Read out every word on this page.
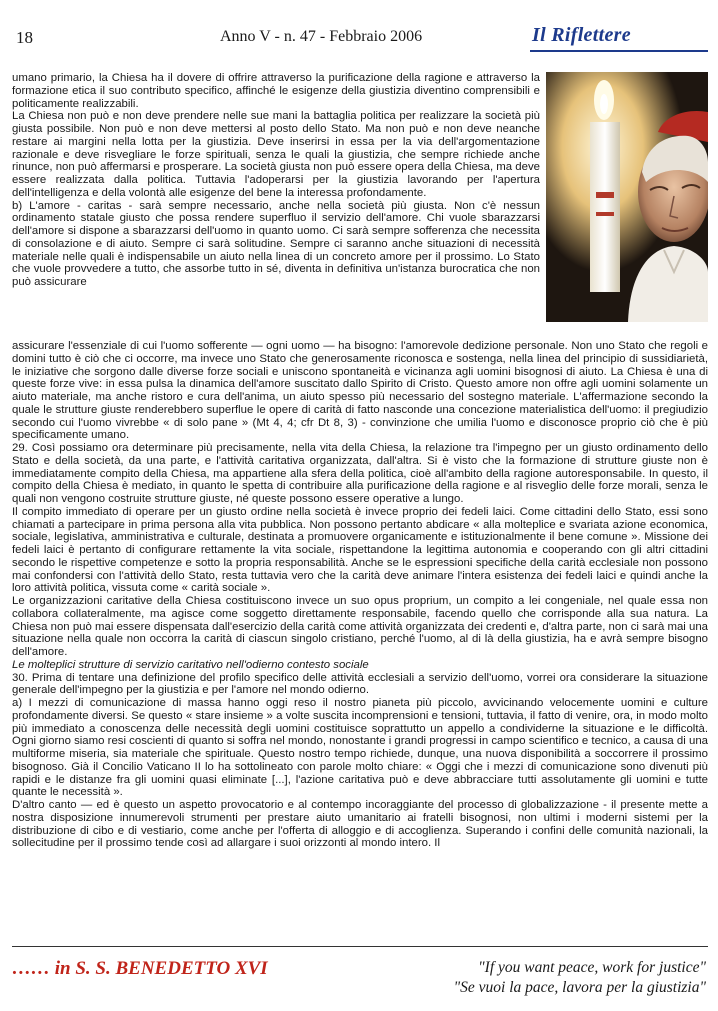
18	Anno V - n. 47 - Febbraio 2006	Il Riflettere

umano primario, la Chiesa ha il dovere di offrire attraverso la purificazione della ragione e attraverso la formazione etica il suo contributo specifico, affinché le esigenze della giustizia diventino comprensibili e politicamente realizzabili.

La Chiesa non può e non deve prendere nelle sue mani la battaglia politica per realizzare la società più giusta possibile. Non può e non deve mettersi al posto dello Stato. Ma non può e non deve neanche restare ai margini nella lotta per la giustizia. Deve inserirsi in essa per la via dell'argomentazione razionale e deve risvegliare le forze spirituali, senza le quali la giustizia, che sempre richiede anche rinunce, non può affermarsi e prosperare. La società giusta non può essere opera della Chiesa, ma deve essere realizzata dalla politica. Tuttavia l'adoperarsi per la giustizia lavorando per l'apertura dell'intelligenza e della volontà alle esigenze del bene la interessa profondamente.

b) L'amore - caritas - sarà sempre necessario, anche nella società più giusta. Non c'è nessun ordinamento statale giusto che possa rendere superfluo il servizio dell'amore. Chi vuole sbarazzarsi dell'amore si dispone a sbarazzarsi dell'uomo in quanto uomo. Ci sarà sempre sofferenza che necessita di consolazione e di aiuto. Sempre ci sarà solitudine. Sempre ci saranno anche situazioni di necessità materiale nelle quali è indispensabile un aiuto nella linea di un concreto amore per il prossimo. Lo Stato che vuole provvedere a tutto, che assorbe tutto in sé, diventa in definitiva un'istanza burocratica che non può assicurare

assicurare l'essenziale di cui l'uomo sofferente — ogni uomo — ha bisogno: l'amorevole dedizione personale. Non uno Stato che regoli e domini tutto è ciò che ci occorre, ma invece uno Stato che generosamente riconosca e sostenga, nella linea del principio di sussidiarietà, le iniziative che sorgono dalle diverse forze sociali e uniscono spontaneità e vicinanza agli uomini bisognosi di aiuto. La Chiesa è una di queste forze vive: in essa pulsa la dinamica dell'amore suscitato dallo Spirito di Cristo. Questo amore non offre agli uomini solamente un aiuto materiale, ma anche ristoro e cura dell'anima, un aiuto spesso più necessario del sostegno materiale. L'affermazione secondo la quale le strutture giuste renderebbero superflue le opere di carità di fatto nasconde una concezione materialistica dell'uomo: il pregiudizio secondo cui l'uomo vivrebbe « di solo pane » (Mt 4, 4; cfr Dt 8, 3) - convinzione che umilia l'uomo e disconosce proprio ciò che è più specificamente umano.

29. Così possiamo ora determinare più precisamente, nella vita della Chiesa, la relazione tra l'impegno per un giusto ordinamento dello Stato e della società, da una parte, e l'attività caritativa organizzata, dall'altra. Si è visto che la formazione di strutture giuste non è immediatamente compito della Chiesa, ma appartiene alla sfera della politica, cioè all'ambito della ragione autoresponsabile. In questo, il compito della Chiesa è mediato, in quanto le spetta di contribuire alla purificazione della ragione e al risveglio delle forze morali, senza le quali non vengono costruite strutture giuste, né queste possono essere operative a lungo.

Il compito immediato di operare per un giusto ordine nella società è invece proprio dei fedeli laici. Come cittadini dello Stato, essi sono chiamati a partecipare in prima persona alla vita pubblica. Non possono pertanto abdicare « alla molteplice e svariata azione economica, sociale, legislativa, amministrativa e culturale, destinata a promuovere organicamente e istituzionalmente il bene comune ». Missione dei fedeli laici è pertanto di configurare rettamente la vita sociale, rispettandone la legittima autonomia e cooperando con gli altri cittadini secondo le rispettive competenze e sotto la propria responsabilità. Anche se le espressioni specifiche della carità ecclesiale non possono mai confondersi con l'attività dello Stato, resta tuttavia vero che la carità deve animare l'intera esistenza dei fedeli laici e quindi anche la loro attività politica, vissuta come « carità sociale ».

Le organizzazioni caritative della Chiesa costituiscono invece un suo opus proprium, un compito a lei congeniale, nel quale essa non collabora collateralmente, ma agisce come soggetto direttamente responsabile, facendo quello che corrisponde alla sua natura. La Chiesa non può mai essere dispensata dall'esercizio della carità come attività organizzata dei credenti e, d'altra parte, non ci sarà mai una situazione nella quale non occorra la carità di ciascun singolo cristiano, perché l'uomo, al di là della giustizia, ha e avrà sempre bisogno dell'amore.

Le molteplici strutture di servizio caritativo nell'odierno contesto sociale

30. Prima di tentare una definizione del profilo specifico delle attività ecclesiali a servizio dell'uomo, vorrei ora considerare la situazione generale dell'impegno per la giustizia e per l'amore nel mondo odierno.

a) I mezzi di comunicazione di massa hanno oggi reso il nostro pianeta più piccolo, avvicinando velocemente uomini e culture profondamente diversi. Se questo « stare insieme » a volte suscita incomprensioni e tensioni, tuttavia, il fatto di venire, ora, in modo molto più immediato a conoscenza delle necessità degli uomini costituisce soprattutto un appello a condividerne la situazione e le difficoltà. Ogni giorno siamo resi coscienti di quanto si soffra nel mondo, nonostante i grandi progressi in campo scientifico e tecnico, a causa di una multiforme miseria, sia materiale che spirituale. Questo nostro tempo richiede, dunque, una nuova disponibilità a soccorrere il prossimo bisognoso. Già il Concilio Vaticano II lo ha sottolineato con parole molto chiare: « Oggi che i mezzi di comunicazione sono divenuti più rapidi e le distanze fra gli uomini quasi eliminate [...], l'azione caritativa può e deve abbracciare tutti assolutamente gli uomini e tutte quante le necessità ».

D'altro canto — ed è questo un aspetto provocatorio e al contempo incoraggiante del processo di globalizzazione - il presente mette a nostra disposizione innumerevoli strumenti per prestare aiuto umanitario ai fratelli bisognosi, non ultimi i moderni sistemi per la distribuzione di cibo e di vestiario, come anche per l'offerta di alloggio e di accoglienza. Superando i confini delle comunità nazionali, la sollecitudine per il prossimo tende così ad allargare i suoi orizzonti al mondo intero. Il

…… in S. S. BENEDETTO XVI	"If you want peace, work for justice"
"Se vuoi la pace, lavora per la giustizia"
